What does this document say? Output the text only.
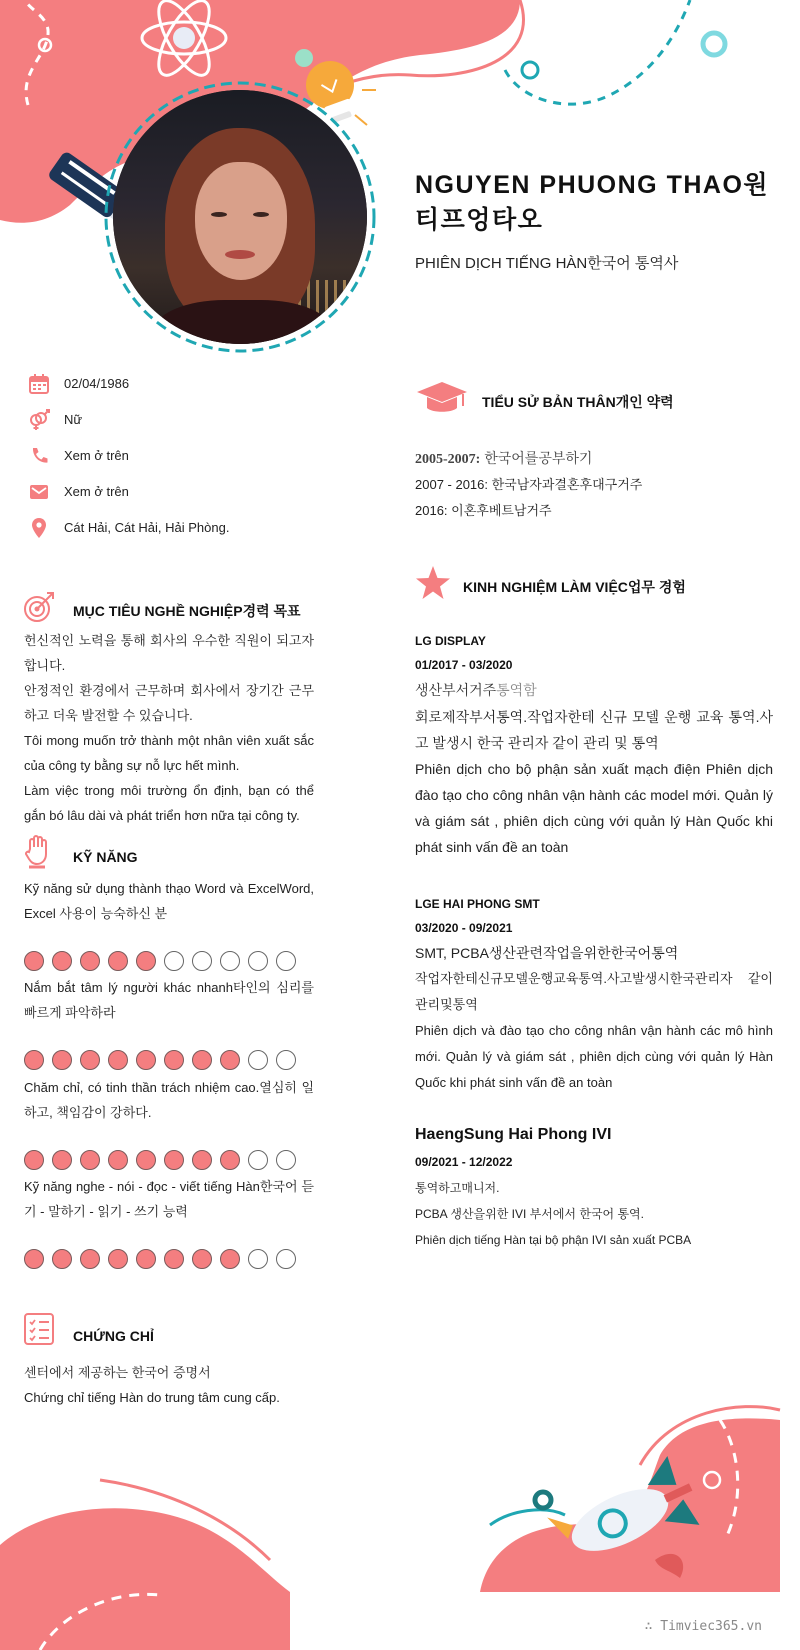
NGUYEN PHUONG THAO원티프엉타오
PHIÊN DỊCH TIẾNG HÀN한국어 통역사
02/04/1986
Nữ
Xem ở trên
Xem ở trên
Cát Hải, Cát Hải, Hải Phòng.
MỤC TIÊU NGHỀ NGHIỆP경력 목표
헌신적인 노력을 통해 회사의 우수한 직원이 되고자 합니다.
안정적인 환경에서 근무하며 회사에서 장기간 근무하고 더욱 발전할 수 있습니다.
Tôi mong muốn trở thành một nhân viên xuất sắc của công ty bằng sự nỗ lực hết mình.
Làm việc trong môi trường ổn định, bạn có thể gắn bó lâu dài và phát triển hơn nữa tại công ty.
KỸ NĂNG
Kỹ năng sử dụng thành thạo Word và ExcelWord, Excel 사용이 능숙하신 분
Nắm bắt tâm lý người khác nhanh타인의 심리를 빠르게 파악하라
Chăm chỉ, có tinh thần trách nhiệm cao.열심히 일하고, 책임감이 강하다.
Kỹ năng nghe - nói - đọc - viết tiếng Hàn한국어 듣기 - 말하기 - 읽기 - 쓰기 능력
CHỨNG CHỈ
센터에서 제공하는 한국어 증명서
Chứng chỉ tiếng Hàn do trung tâm cung cấp.
TIỂU SỬ BẢN THÂN개인 약력
2005-2007: 한국어를공부하기
2007 - 2016: 한국남자과결혼후대구거주
2016: 이혼후베트남거주
KINH NGHIỆM LÀM VIỆC업무 경험
LG DISPLAY
01/2017 - 03/2020
생산부서거주통역함
회로제작부서통역.작업자한테 신규 모델 운행 교육 통역.사고 발생시 한국 관리자 같이 관리 및 통역
Phiên dịch cho bộ phận sản xuất mạch điện Phiên dịch đào tạo cho công nhân vận hành các model mới. Quản lý và giám sát , phiên dịch cùng với quản lý Hàn Quốc khi phát sinh vấn đề an toàn
LGE HAI PHONG SMT
03/2020 - 09/2021
SMT, PCBA생산관련작업을위한한국어통역
작업자한테신규모델운행교육통역.사고발생시한국관리자 같이관리및통역
Phiên dịch và đào tạo cho công nhân vận hành các mô hình mới. Quản lý và giám sát , phiên dịch cùng với quản lý Hàn Quốc khi phát sinh vấn đề an toàn
HaengSung Hai Phong IVI
09/2021 - 12/2022
통역하고매니저.
PCBA 생산을위한 IVI 부서에서 한국어 통역.
Phiên dịch tiếng Hàn tại bộ phận IVI sản xuất PCBA
∴ Timviec365.vn
